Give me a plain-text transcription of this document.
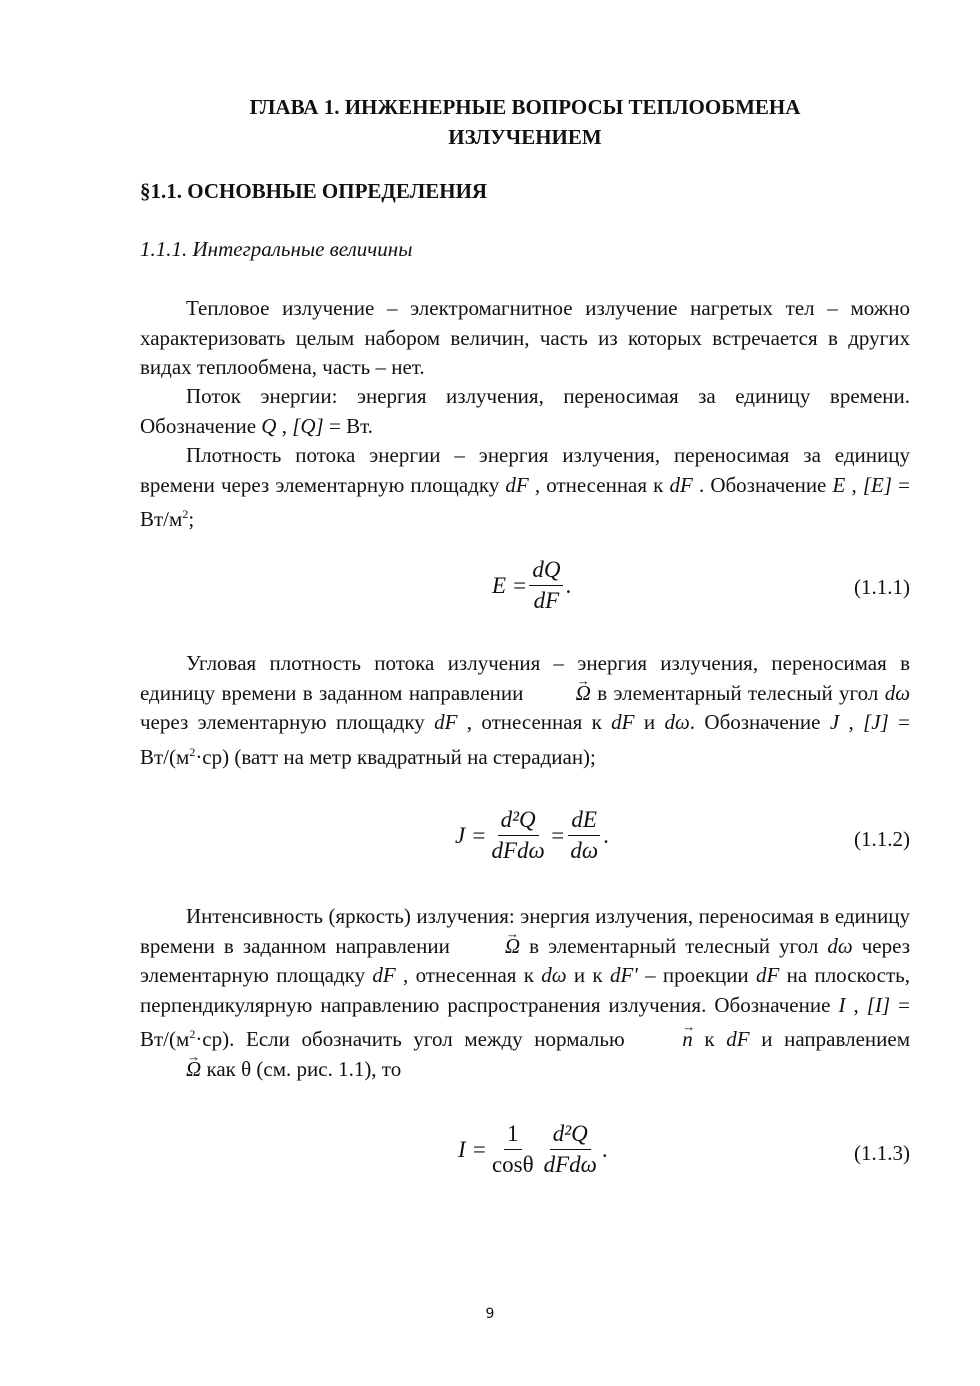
ГЛАВА 1. ИНЖЕНЕРНЫЕ ВОПРОСЫ ТЕПЛООБМЕНА
ИЗЛУЧЕНИЕМ
§1.1. ОСНОВНЫЕ ОПРЕДЕЛЕНИЯ
1.1.1. Интегральные величины
Тепловое излучение – электромагнитное излучение нагретых тел – можно характеризовать целым набором величин, часть из которых встречается в других видах теплообмена, часть – нет.
Поток энергии: энергия излучения, переносимая за единицу времени. Обозначение Q , [Q] = Вт.
Плотность потока энергии – энергия излучения, переносимая за единицу времени через элементарную площадку dF , отнесенная к dF . Обозначение E , $[E] = Вт/м^2$;
$E = \frac{dQ}{dF}$ .	(1.1.1)
Угловая плотность потока излучения – энергия излучения, переносимая в единицу времени в заданном направлении → Ω в элементарный телесный угол dω через элементарную площадку dF , отнесенная к dF и dω. Обозначение J , $[J] = Вт/(м^2\cdot ср)$ (ватт на метр квадратный на стерадиан);
$J = \frac{\text{d²Q}}{\text{dFdω}} = \frac{dE}{d\omega}$ .	(1.1.2)
Интенсивность (яркость) излучения: энергия излучения, переносимая в единицу времени в заданном направлении → Ω в элементарный телесный угол dω через элементарную площадку dF , отнесенная к dω и к dF' – проекции dF на плоскость, перпендикулярную направлению распространения излучения. Обозначение I , $[I] = Вт/(м^2\cdot ср)$. Если обозначить угол между нормалью → n к dF и направлением → Ω как θ (см. рис. 1.1), то
$I = \frac{1}{\cos\theta} \frac{\text{d²Q}}{\text{dFdω}}$ .	(1.1.3)
9
